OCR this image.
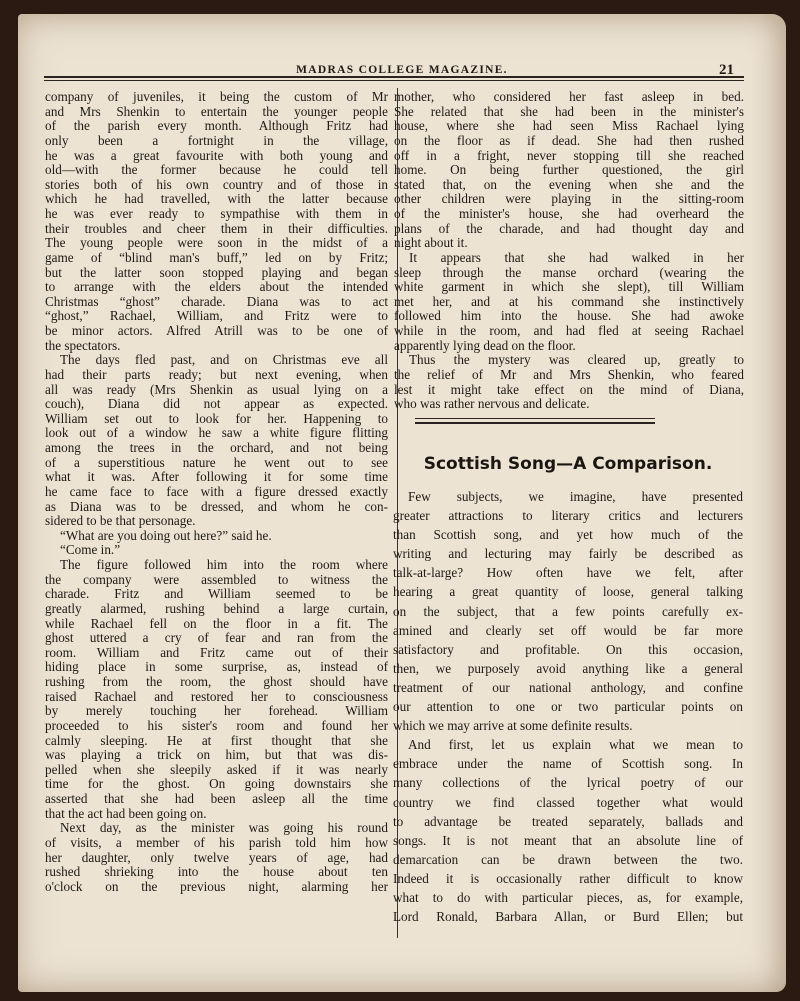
MADRAS COLLEGE MAGAZINE.	21

company of juveniles, it being the custom of Mr

and Mrs Shenkin to entertain the younger people

of the parish every month. Although Fritz had

only been a fortnight in the village,

he was a great favourite with both young and

old—with the former because he could tell

stories both of his own country and of those in

which he had travelled, with the latter because

he was ever ready to sympathise with them in

their troubles and cheer them in their difficulties.

The young people were soon in the midst of a

game of “blind man's buff,” led on by Fritz;

but the latter soon stopped playing and began

to arrange with the elders about the intended

Christmas “ghost” charade. Diana was to act

“ghost,” Rachael, William, and Fritz were to

be minor actors. Alfred Atrill was to be one of

the spectators.

The days fled past, and on Christmas eve all

had their parts ready; but next evening, when

all was ready (Mrs Shenkin as usual lying on a

couch), Diana did not appear as expected.

William set out to look for her. Happening to

look out of a window he saw a white figure flitting

among the trees in the orchard, and not being

of a superstitious nature he went out to see

what it was. After following it for some time

he came face to face with a figure dressed exactly

as Diana was to be dressed, and whom he con-

sidered to be that personage.

“What are you doing out here?” said he.

“Come in.”

The figure followed him into the room where

the company were assembled to witness the

charade. Fritz and William seemed to be

greatly alarmed, rushing behind a large curtain,

while Rachael fell on the floor in a fit. The

ghost uttered a cry of fear and ran from the

room. William and Fritz came out of their

hiding place in some surprise, as, instead of

rushing from the room, the ghost should have

raised Rachael and restored her to consciousness

by merely touching her forehead. William

proceeded to his sister's room and found her

calmly sleeping. He at first thought that she

was playing a trick on him, but that was dis-

pelled when she sleepily asked if it was nearly

time for the ghost. On going downstairs she

asserted that she had been asleep all the time

that the act had been going on.

Next day, as the minister was going his round

of visits, a member of his parish told him how

her daughter, only twelve years of age, had

rushed shrieking into the house about ten

o'clock on the previous night, alarming her

mother, who considered her fast asleep in bed.

She related that she had been in the minister's

house, where she had seen Miss Rachael lying

on the floor as if dead. She had then rushed

off in a fright, never stopping till she reached

home. On being further questioned, the girl

stated that, on the evening when she and the

other children were playing in the sitting-room

of the minister's house, she had overheard the

plans of the charade, and had thought day and

night about it.

It appears that she had walked in her

sleep through the manse orchard (wearing the

white garment in which she slept), till William

met her, and at his command she instinctively

followed him into the house. She had awoke

while in the room, and had fled at seeing Rachael

apparently lying dead on the floor.

Thus the mystery was cleared up, greatly to

the relief of Mr and Mrs Shenkin, who feared

lest it might take effect on the mind of Diana,

who was rather nervous and delicate.

Scottish Song—A Comparison.

Few subjects, we imagine, have presented

greater attractions to literary critics and lecturers

than Scottish song, and yet how much of the

writing and lecturing may fairly be described as

talk-at-large? How often have we felt, after

hearing a great quantity of loose, general talking

on the subject, that a few points carefully ex-

amined and clearly set off would be far more

satisfactory and profitable. On this occasion,

then, we purposely avoid anything like a general

treatment of our national anthology, and confine

our attention to one or two particular points on

which we may arrive at some definite results.

And first, let us explain what we mean to

embrace under the name of Scottish song. In

many collections of the lyrical poetry of our

country we find classed together what would

to advantage be treated separately, ballads and

songs. It is not meant that an absolute line of

demarcation can be drawn between the two.

Indeed it is occasionally rather difficult to know

what to do with particular pieces, as, for example,

Lord Ronald, Barbara Allan, or Burd Ellen; but
